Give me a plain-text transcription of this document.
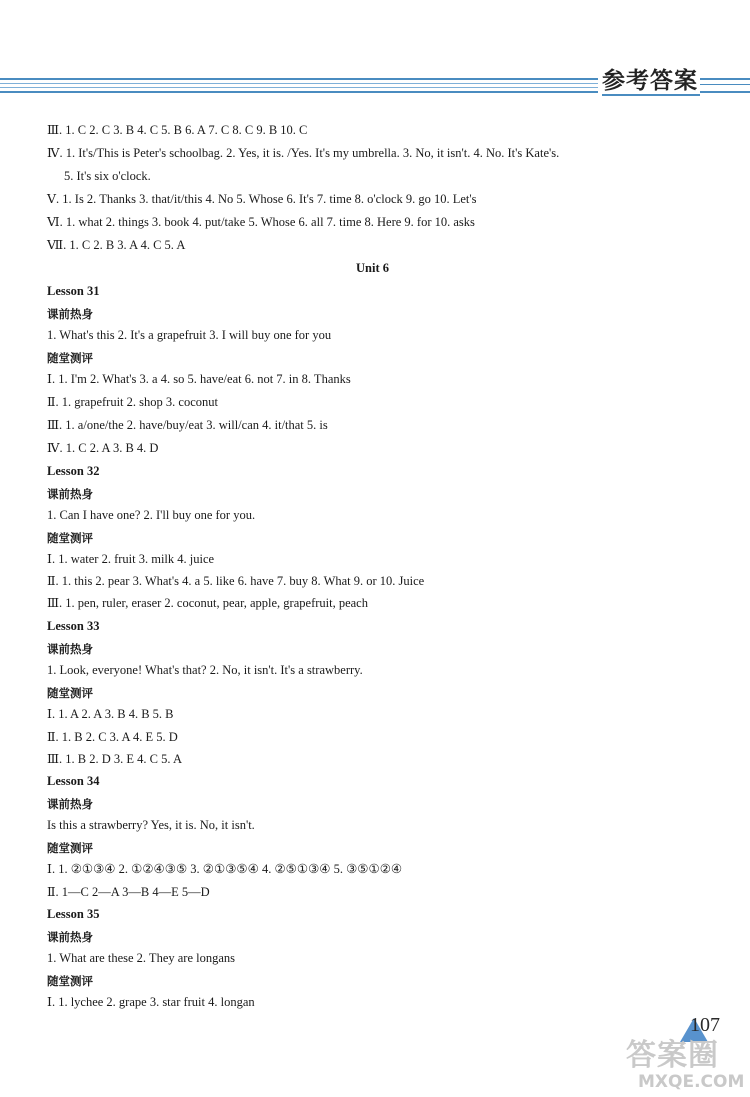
参考答案
Ⅲ. 1. C 2. C 3. B 4. C 5. B 6. A 7. C 8. C 9. B 10. C
Ⅳ. 1. It's/This is Peter's schoolbag. 2. Yes, it is. /Yes. It's my umbrella. 3. No, it isn't. 4. No. It's Kate's.
5. It's six o'clock.
Ⅴ. 1. Is 2. Thanks 3. that/it/this 4. No 5. Whose 6. It's 7. time 8. o'clock 9. go 10. Let's
Ⅵ. 1. what 2. things 3. book 4. put/take 5. Whose 6. all 7. time 8. Here 9. for 10. asks
Ⅶ. 1. C 2. B 3. A 4. C 5. A
Unit 6
Lesson 31
课前热身
1. What's this 2. It's a grapefruit 3. I will buy one for you
随堂测评
Ⅰ. 1. I'm 2. What's 3. a 4. so 5. have/eat 6. not 7. in 8. Thanks
Ⅱ. 1. grapefruit 2. shop 3. coconut
Ⅲ. 1. a/one/the 2. have/buy/eat 3. will/can 4. it/that 5. is
Ⅳ. 1. C 2. A 3. B 4. D
Lesson 32
课前热身
1. Can I have one? 2. I'll buy one for you.
随堂测评
Ⅰ. 1. water 2. fruit 3. milk 4. juice
Ⅱ. 1. this 2. pear 3. What's 4. a 5. like 6. have 7. buy 8. What 9. or 10. Juice
Ⅲ. 1. pen, ruler, eraser 2. coconut, pear, apple, grapefruit, peach
Lesson 33
课前热身
1. Look, everyone! What's that? 2. No, it isn't. It's a strawberry.
随堂测评
Ⅰ. 1. A 2. A 3. B 4. B 5. B
Ⅱ. 1. B 2. C 3. A 4. E 5. D
Ⅲ. 1. B 2. D 3. E 4. C 5. A
Lesson 34
课前热身
Is this a strawberry? Yes, it is. No, it isn't.
随堂测评
Ⅰ. 1. ②①③④ 2. ①②④③⑤ 3. ②①③⑤④ 4. ②⑤①③④ 5. ③⑤①②④
Ⅱ. 1—C 2—A 3—B 4—E 5—D
Lesson 35
课前热身
1. What are these 2. They are longans
随堂测评
Ⅰ. 1. lychee 2. grape 3. star fruit 4. longan
107
答案圈
MXQE.COM
